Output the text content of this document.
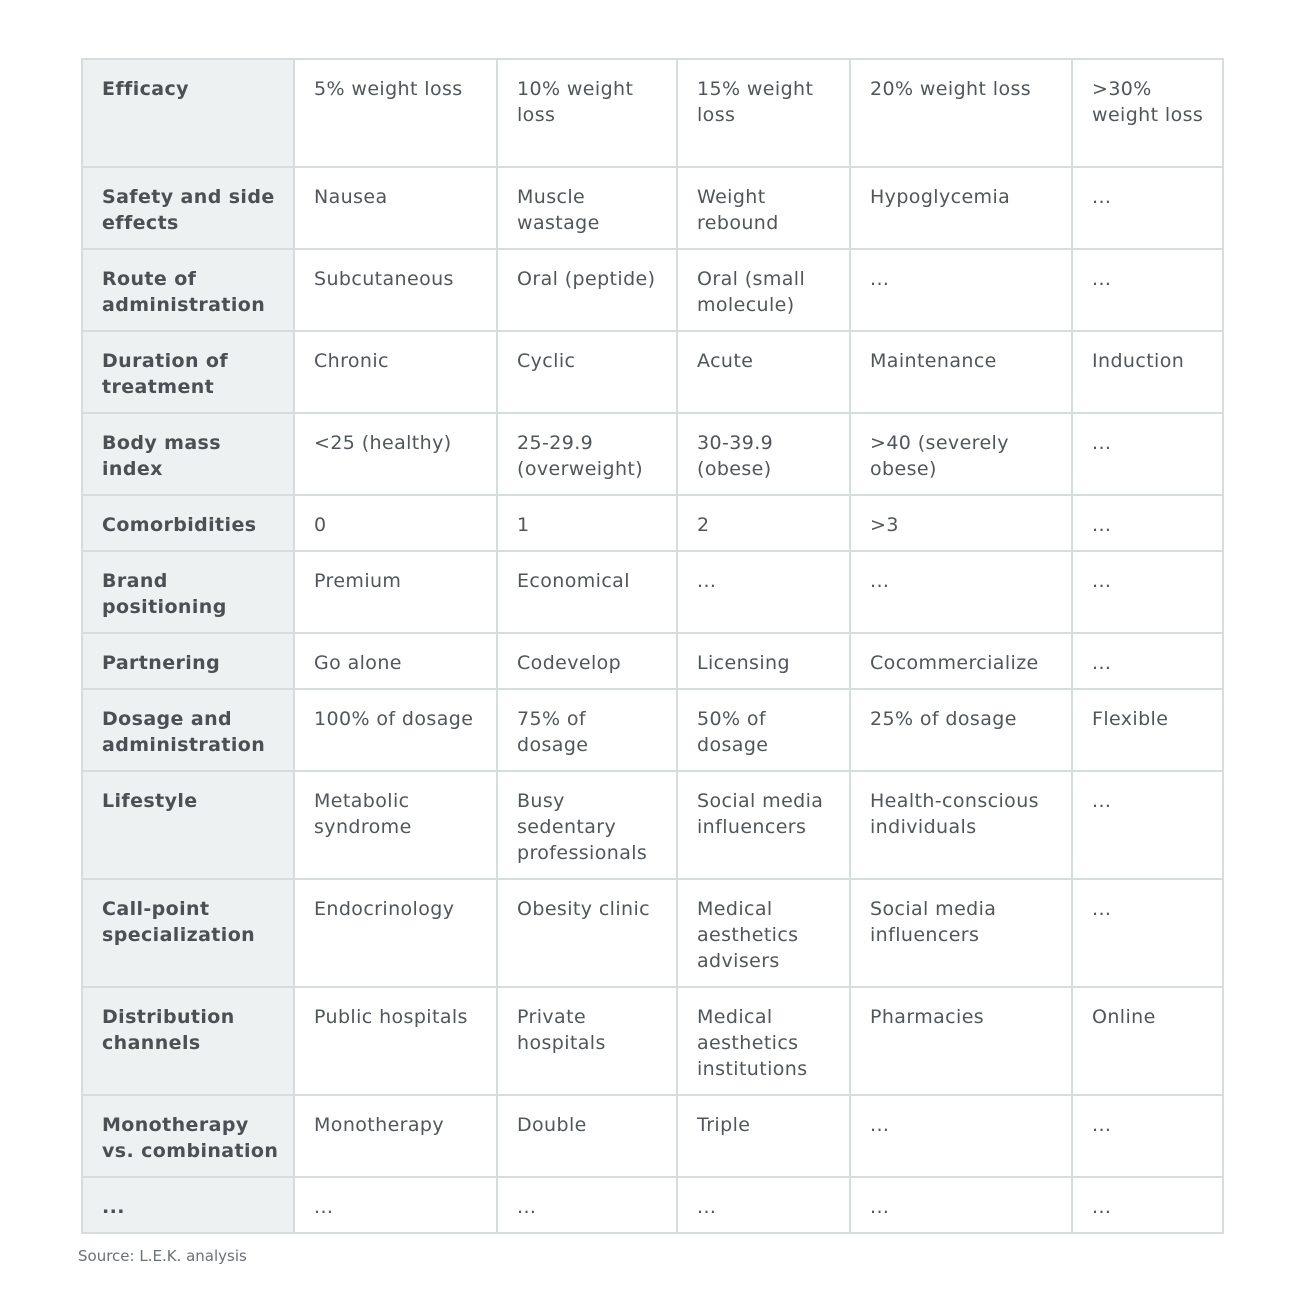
Efficacy	5% weight loss	10% weight loss	15% weight loss	20% weight loss	>30% weight loss
Safety and side effects	Nausea	Muscle wastage	Weight rebound	Hypoglycemia	...
Route of administration	Subcutaneous	Oral (peptide)	Oral (small molecule)	...	...
Duration of treatment	Chronic	Cyclic	Acute	Maintenance	Induction
Body mass index	<25 (healthy)	25-29.9 (overweight)	30-39.9 (obese)	>40 (severely obese)	...
Comorbidities	0	1	2	>3	...
Brand positioning	Premium	Economical	...	...	...
Partnering	Go alone	Codevelop	Licensing	Cocommercialize	...
Dosage and administration	100% of dosage	75% of dosage	50% of dosage	25% of dosage	Flexible
Lifestyle	Metabolic syndrome	Busy sedentary professionals	Social media influencers	Health-conscious individuals	...
Call-point specialization	Endocrinology	Obesity clinic	Medical aesthetics advisers	Social media influencers	...
Distribution channels	Public hospitals	Private hospitals	Medical aesthetics institutions	Pharmacies	Online
Monotherapy vs. combination	Monotherapy	Double	Triple	...	...
...	...	...	...	...	...
Source: L.E.K. analysis
